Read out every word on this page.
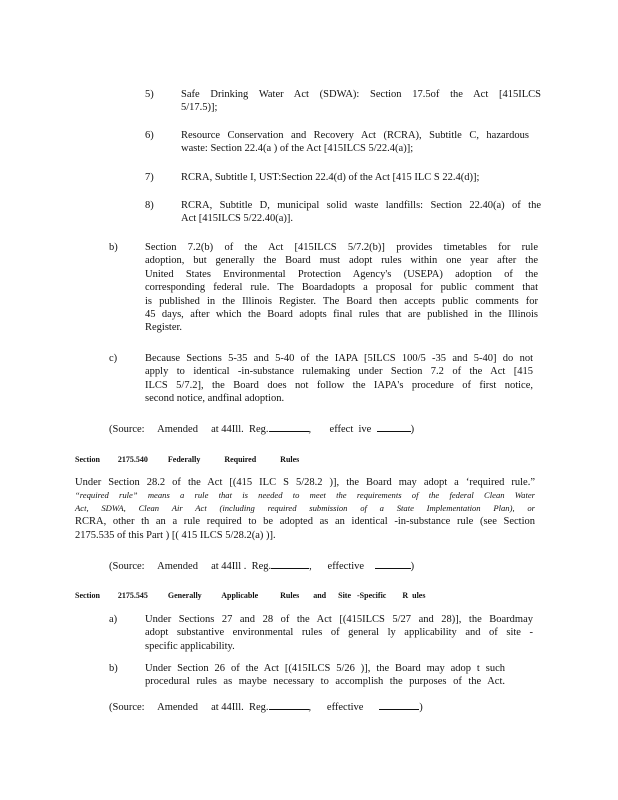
5)	Safe Drinking Water Act (SDWA): Section 17.5of the Act [415ILCS
5/17.5)];
6)	Resource Conservation and Recovery Act (RCRA), Subtitle C, hazardous
waste: Section 22.4(a ) of the Act [415ILCS 5/22.4(a)];
7)	RCRA, Subtitle I, UST:Section 22.4(d) of the Act [415 ILC S 22.4(d)];
8)	RCRA, Subtitle D, municipal solid waste landfills: Section 22.40(a) of the
Act [415ILCS 5/22.40(a)].
b)	Section 7.2(b) of the Act [415ILCS 5/7.2(b)] provides timetables for rule
adoption, but generally the Board must adopt rules within one year after the
United States Environmental Protection Agency's (USEPA) adoption of the
corresponding federal rule. The Boardadopts a proposal for public comment that
is published in the Illinois Register. The Board then accepts public comments for
45 days, after which the Board adopts final rules that are published in the Illinois
Register.
c)	Because Sections 5-35 and 5-40 of the IAPA [5ILCS 100/5 -35 and 5-40] do not
apply to identical -in-substance rulemaking under Section 7.2 of the Act [415
ILCS 5/7.2], the Board does not follow the IAPA's procedure of first notice,
second notice, andfinal adoption.
(Source: Amended at 44Ill.  Reg.	,       effect  ive	)
Section 2175.540	Federally            Required            Rules
Under Section 28.2 of the Act [(415 ILC S 5/28.2 )], the Board may adopt a ‘required rule.”
“required rule” means a rule that is needed to meet the requirements of the federal Clean Water
Act, SDWA, Clean Air Act (including required submission of a State Implementation Plan), or
RCRA, other th an a rule required to be adopted as an identical -in-substance rule (see Section
2175.535 of this Part ) [( 415 ILCS 5/28.2(a) )].
(Source: Amended at 44Ill .  Reg.	,      effective	)
Section 2175.545	Generally          Applicable           Rules       and      Site   -Specific        R  ules
a)	Under Sections 27 and 28 of the Act [(415ILCS 5/27 and 28)], the Boardmay
adopt substantive environmental rules of general ly applicability and of site -
specific applicability.
b)	Under Section 26 of the Act [(415ILCS 5/26 )], the Board may adop t such
procedural rules as maybe necessary to accomplish the purposes of the Act.
(Source: Amended at 44Ill.  Reg.	,      effective	)
